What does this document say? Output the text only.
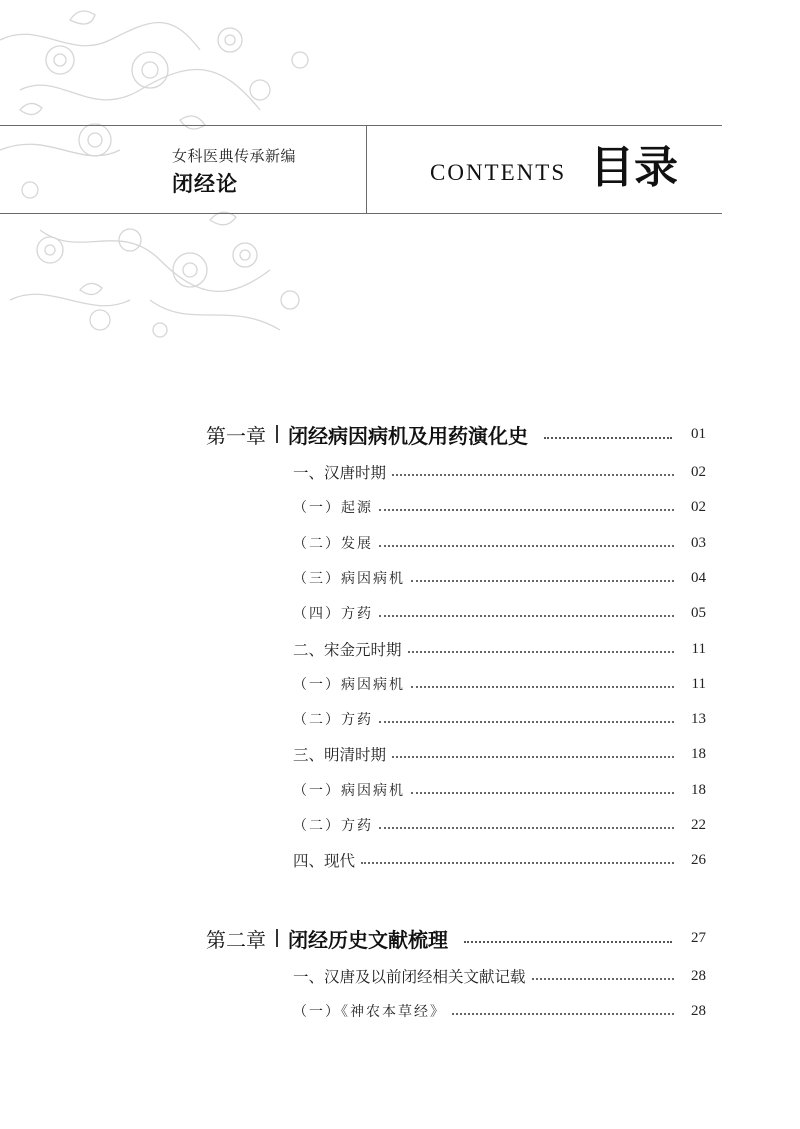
女科医典传承新编
闭经论	CONTENTS 目录
第一章 闭经病因病机及用药演化史	01
一、汉唐时期	02
（一）起源	02
（二）发展	03
（三）病因病机	04
（四）方药	05
二、宋金元时期	11
（一）病因病机	11
（二）方药	13
三、明清时期	18
（一）病因病机	18
（二）方药	22
四、现代	26
第二章 闭经历史文献梳理	27
一、汉唐及以前闭经相关文献记载	28
（一）《神农本草经》	28
